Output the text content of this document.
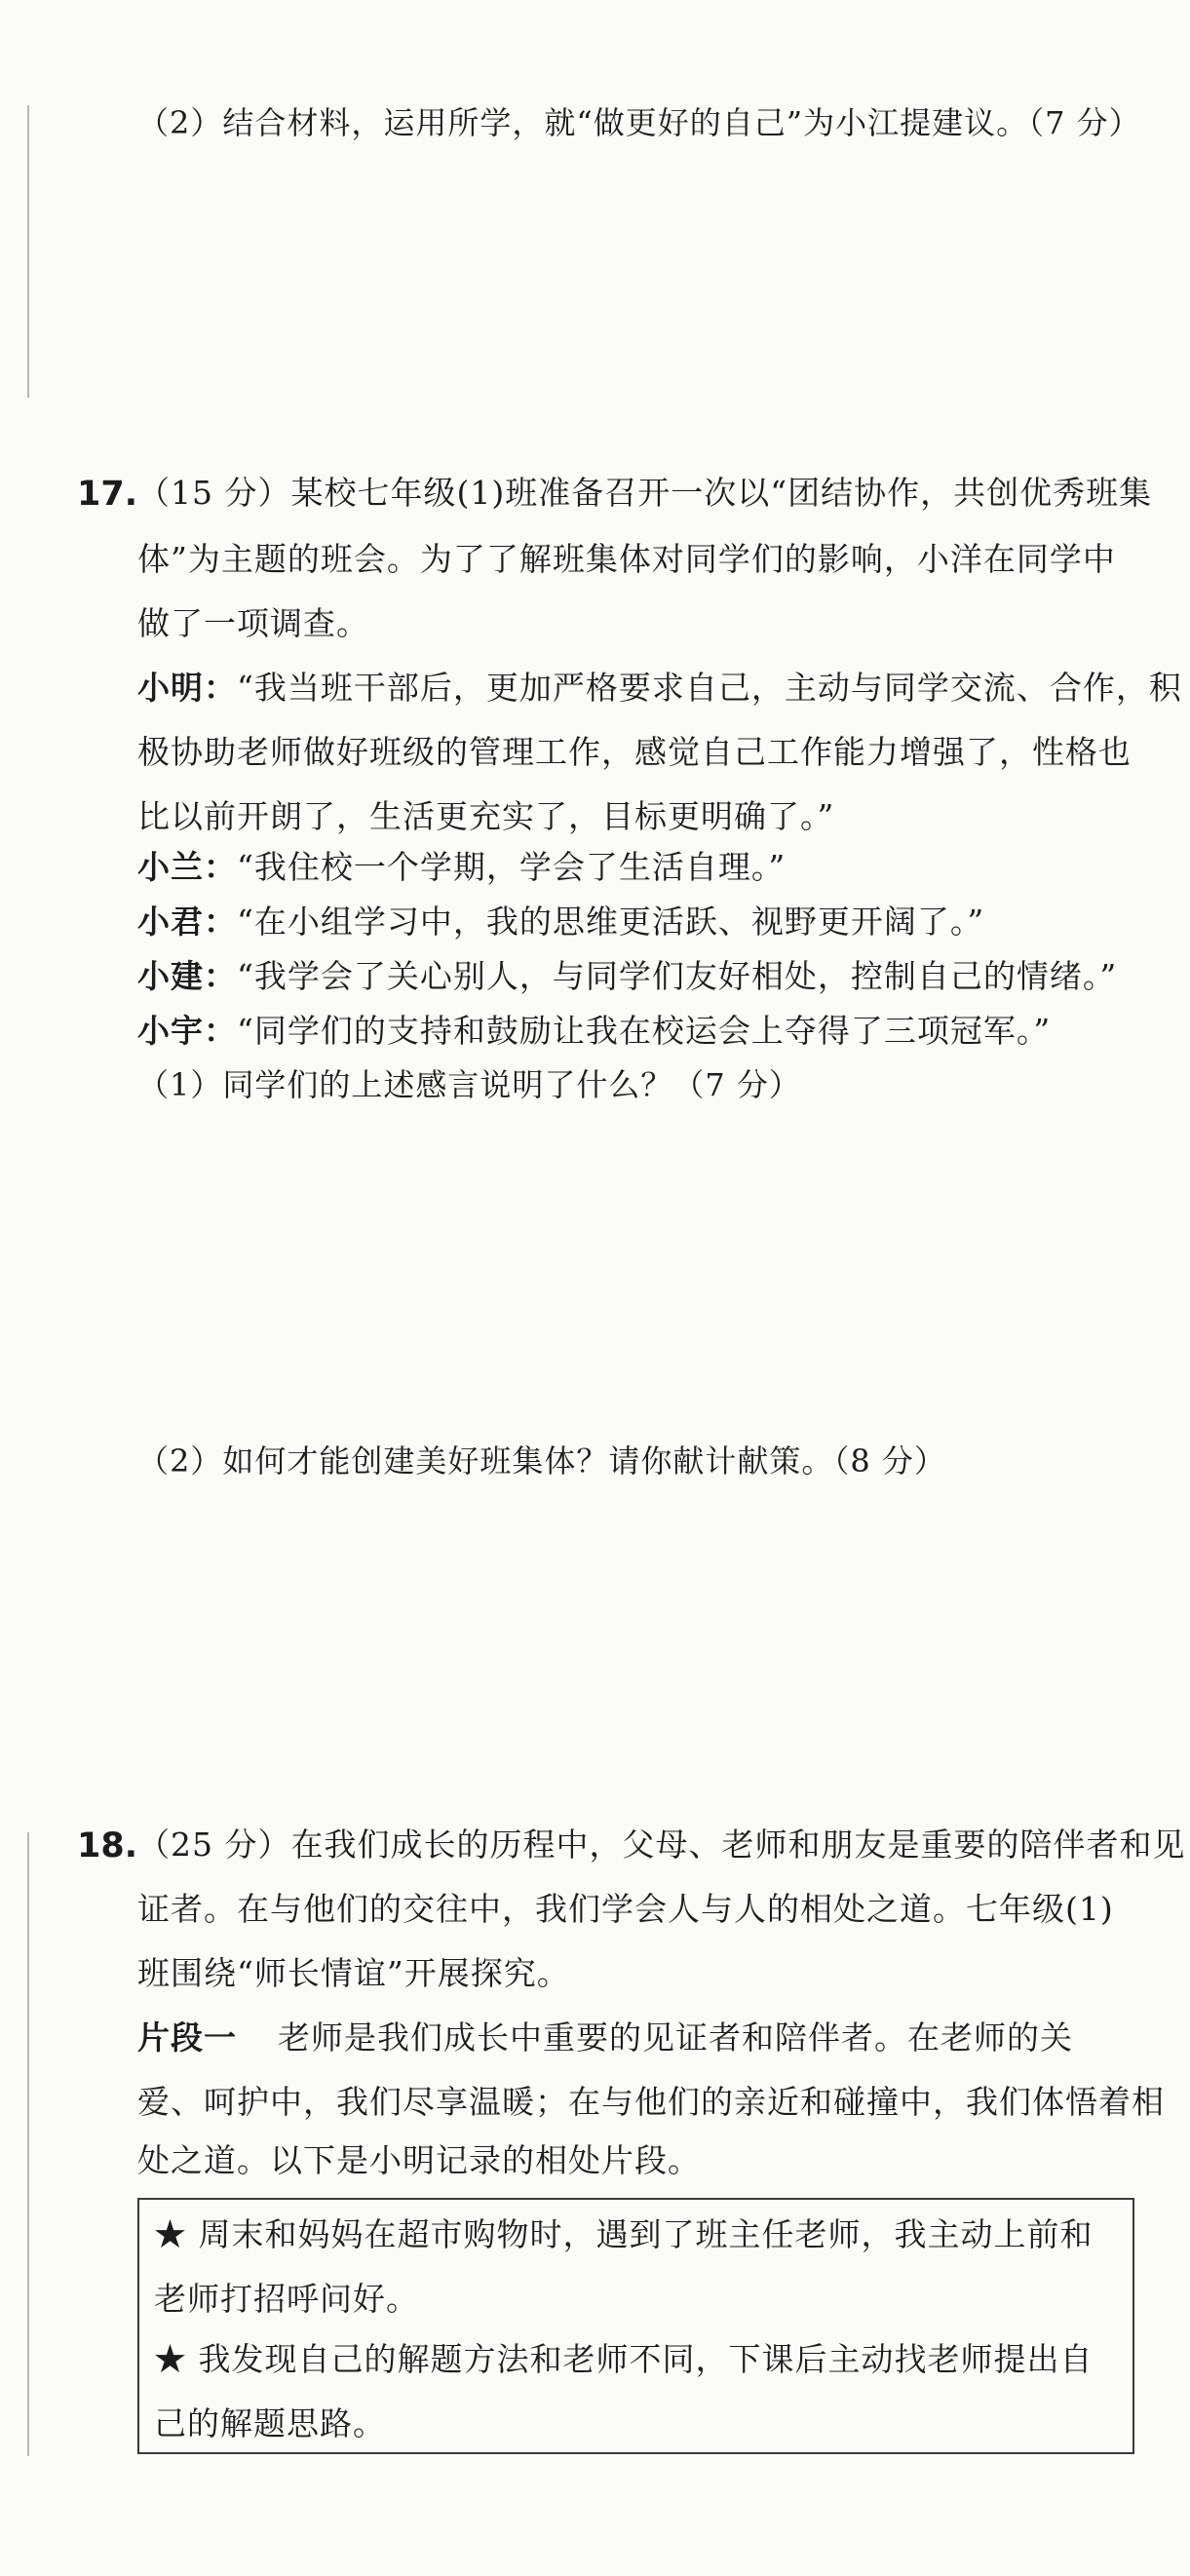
（2）结合材料，运用所学，就“做更好的自己”为小江提建议。（7 分）
17. （15 分）某校七年级(1)班准备召开一次以“团结协作，共创优秀班集
体”为主题的班会。为了了解班集体对同学们的影响，小洋在同学中
做了一项调查。
小明：“我当班干部后，更加严格要求自己，主动与同学交流、合作，积
极协助老师做好班级的管理工作，感觉自己工作能力增强了，性格也
比以前开朗了，生活更充实了，目标更明确了。”
小兰：“我住校一个学期，学会了生活自理。”
小君：“在小组学习中，我的思维更活跃、视野更开阔了。”
小建：“我学会了关心别人，与同学们友好相处，控制自己的情绪。”
小宇：“同学们的支持和鼓励让我在校运会上夺得了三项冠军。”
（1）同学们的上述感言说明了什么？（7 分）
（2）如何才能创建美好班集体？请你献计献策。（8 分）
18. （25 分）在我们成长的历程中，父母、老师和朋友是重要的陪伴者和见
证者。在与他们的交往中，我们学会人与人的相处之道。七年级(1)
班围绕“师长情谊”开展探究。
片段一 老师是我们成长中重要的见证者和陪伴者。在老师的关
爱、呵护中，我们尽享温暖；在与他们的亲近和碰撞中，我们体悟着相
处之道。以下是小明记录的相处片段。
★ 周末和妈妈在超市购物时，遇到了班主任老师，我主动上前和
老师打招呼问好。
★ 我发现自己的解题方法和老师不同，下课后主动找老师提出自
己的解题思路。
